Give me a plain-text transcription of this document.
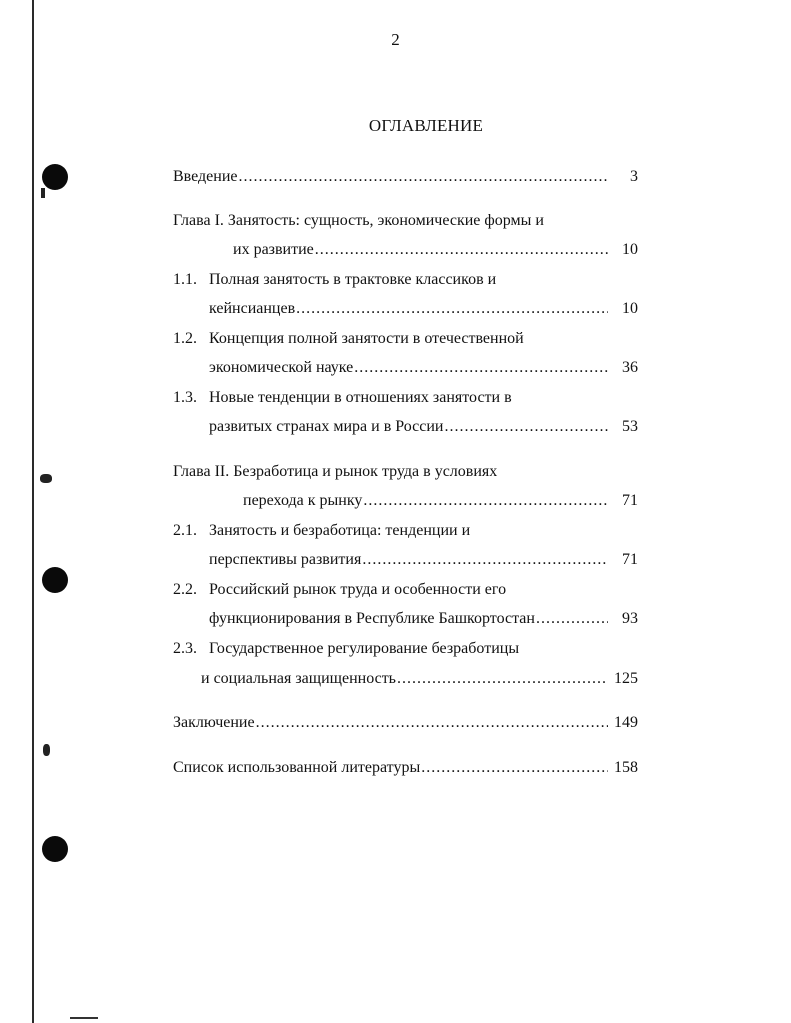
2
ОГЛАВЛЕНИЕ
Введение .....	3
Глава I. Занятость: сущность, экономические формы и
их развитие .....	10
1.1. Полная занятость в трактовке классиков и
кейнсианцев .....	10
1.2. Концепция полной занятости в отечественной
экономической науке .....	36
1.3. Новые тенденции в отношениях занятости в
развитых странах мира и в России .....	53
Глава II. Безработица и рынок труда в условиях
перехода к рынку .....	71
2.1. Занятость и безработица: тенденции и
перспективы развития .....	71
2.2. Российский рынок труда и особенности его
функционирования в Республике Башкортостан .....	93
2.3. Государственное регулирование безработицы
и социальная защищенность .....	125
Заключение .....	149
Список использованной литературы .....	158
